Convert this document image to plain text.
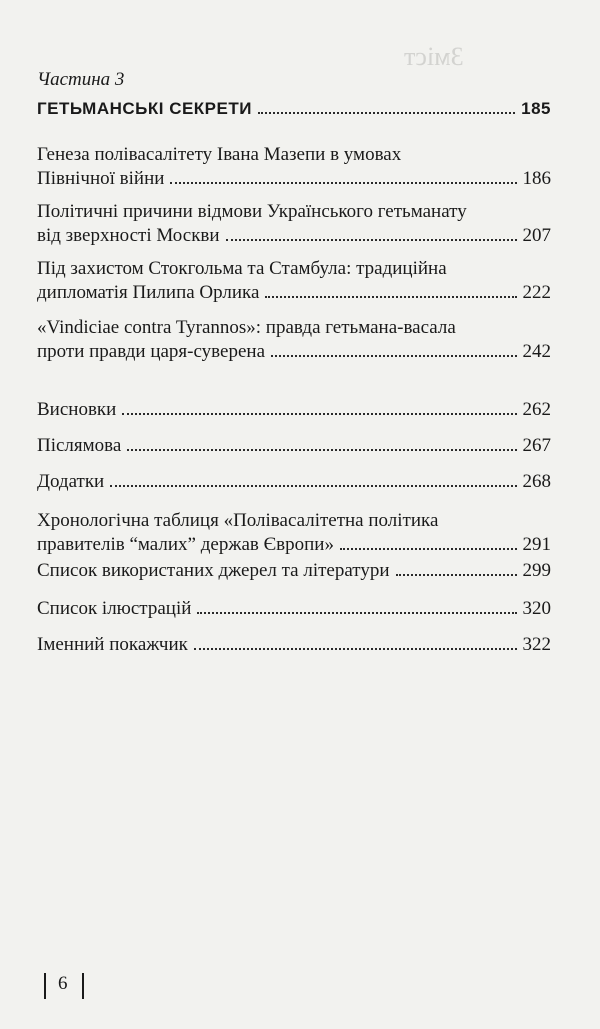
Зміст
Частина 3
ГЕТЬМАНСЬКІ СЕКРЕТИ	185
Генеза полівасалітету Івана Мазепи в умовах
Північної війни	186
Політичні причини відмови Українського гетьманату
від зверхності Москви	207
Під захистом Стокгольма та Стамбула: традиційна
дипломатія Пилипа Орлика	222
«Vindiciae contra Tyrannos»: правда гетьмана-васала
проти правди царя-суверена	242
Висновки	262
Післямова	267
Додатки	268
Хронологічна таблиця «Полівасалітетна політика
правителів “малих” держав Європи»	291
Список використаних джерел та літератури	299
Список ілюстрацій	320
Іменний покажчик	322
6
